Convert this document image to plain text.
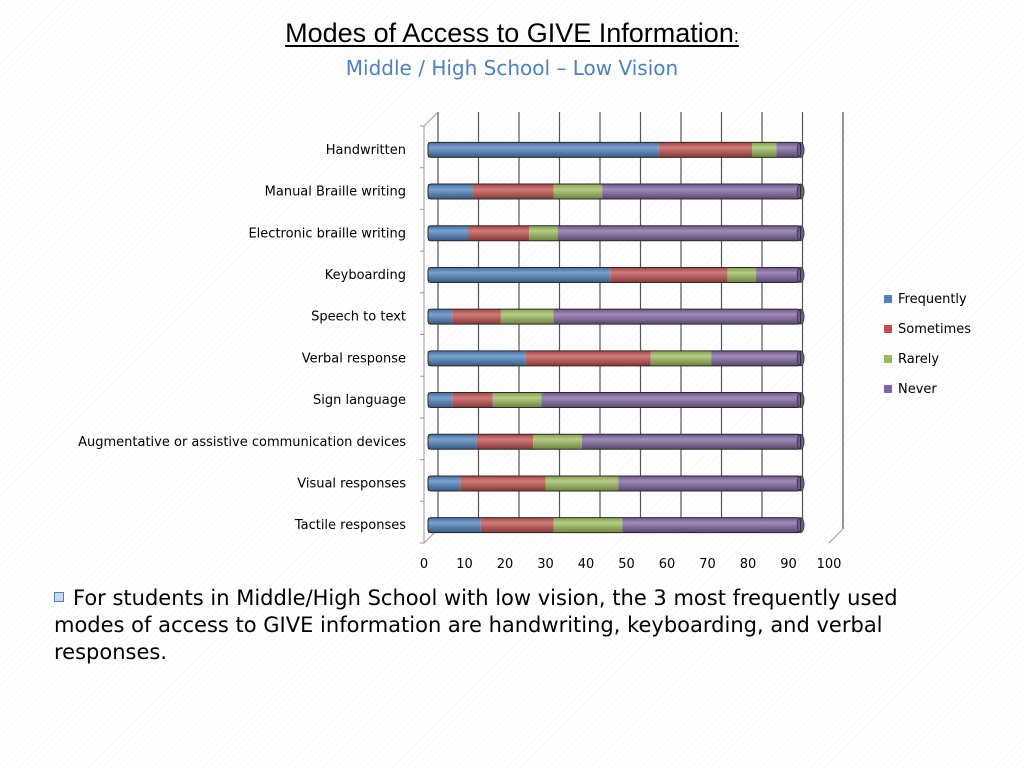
Modes of Access to GIVE Information:
Middle / High School – Low Vision
Handwritten
Manual Braille writing
Electronic braille writing
Keyboarding
Speech to text
Verbal response
Sign language
Augmentative or assistive communication devices
Visual responses
Tactile responses
0 10 20 30 40 50 60 70 80 90 100
Frequently
Sometimes
Rarely
Never
For students in Middle/High School with low vision, the 3 most frequently used modes of access to GIVE information are handwriting, keyboarding, and verbal responses.
